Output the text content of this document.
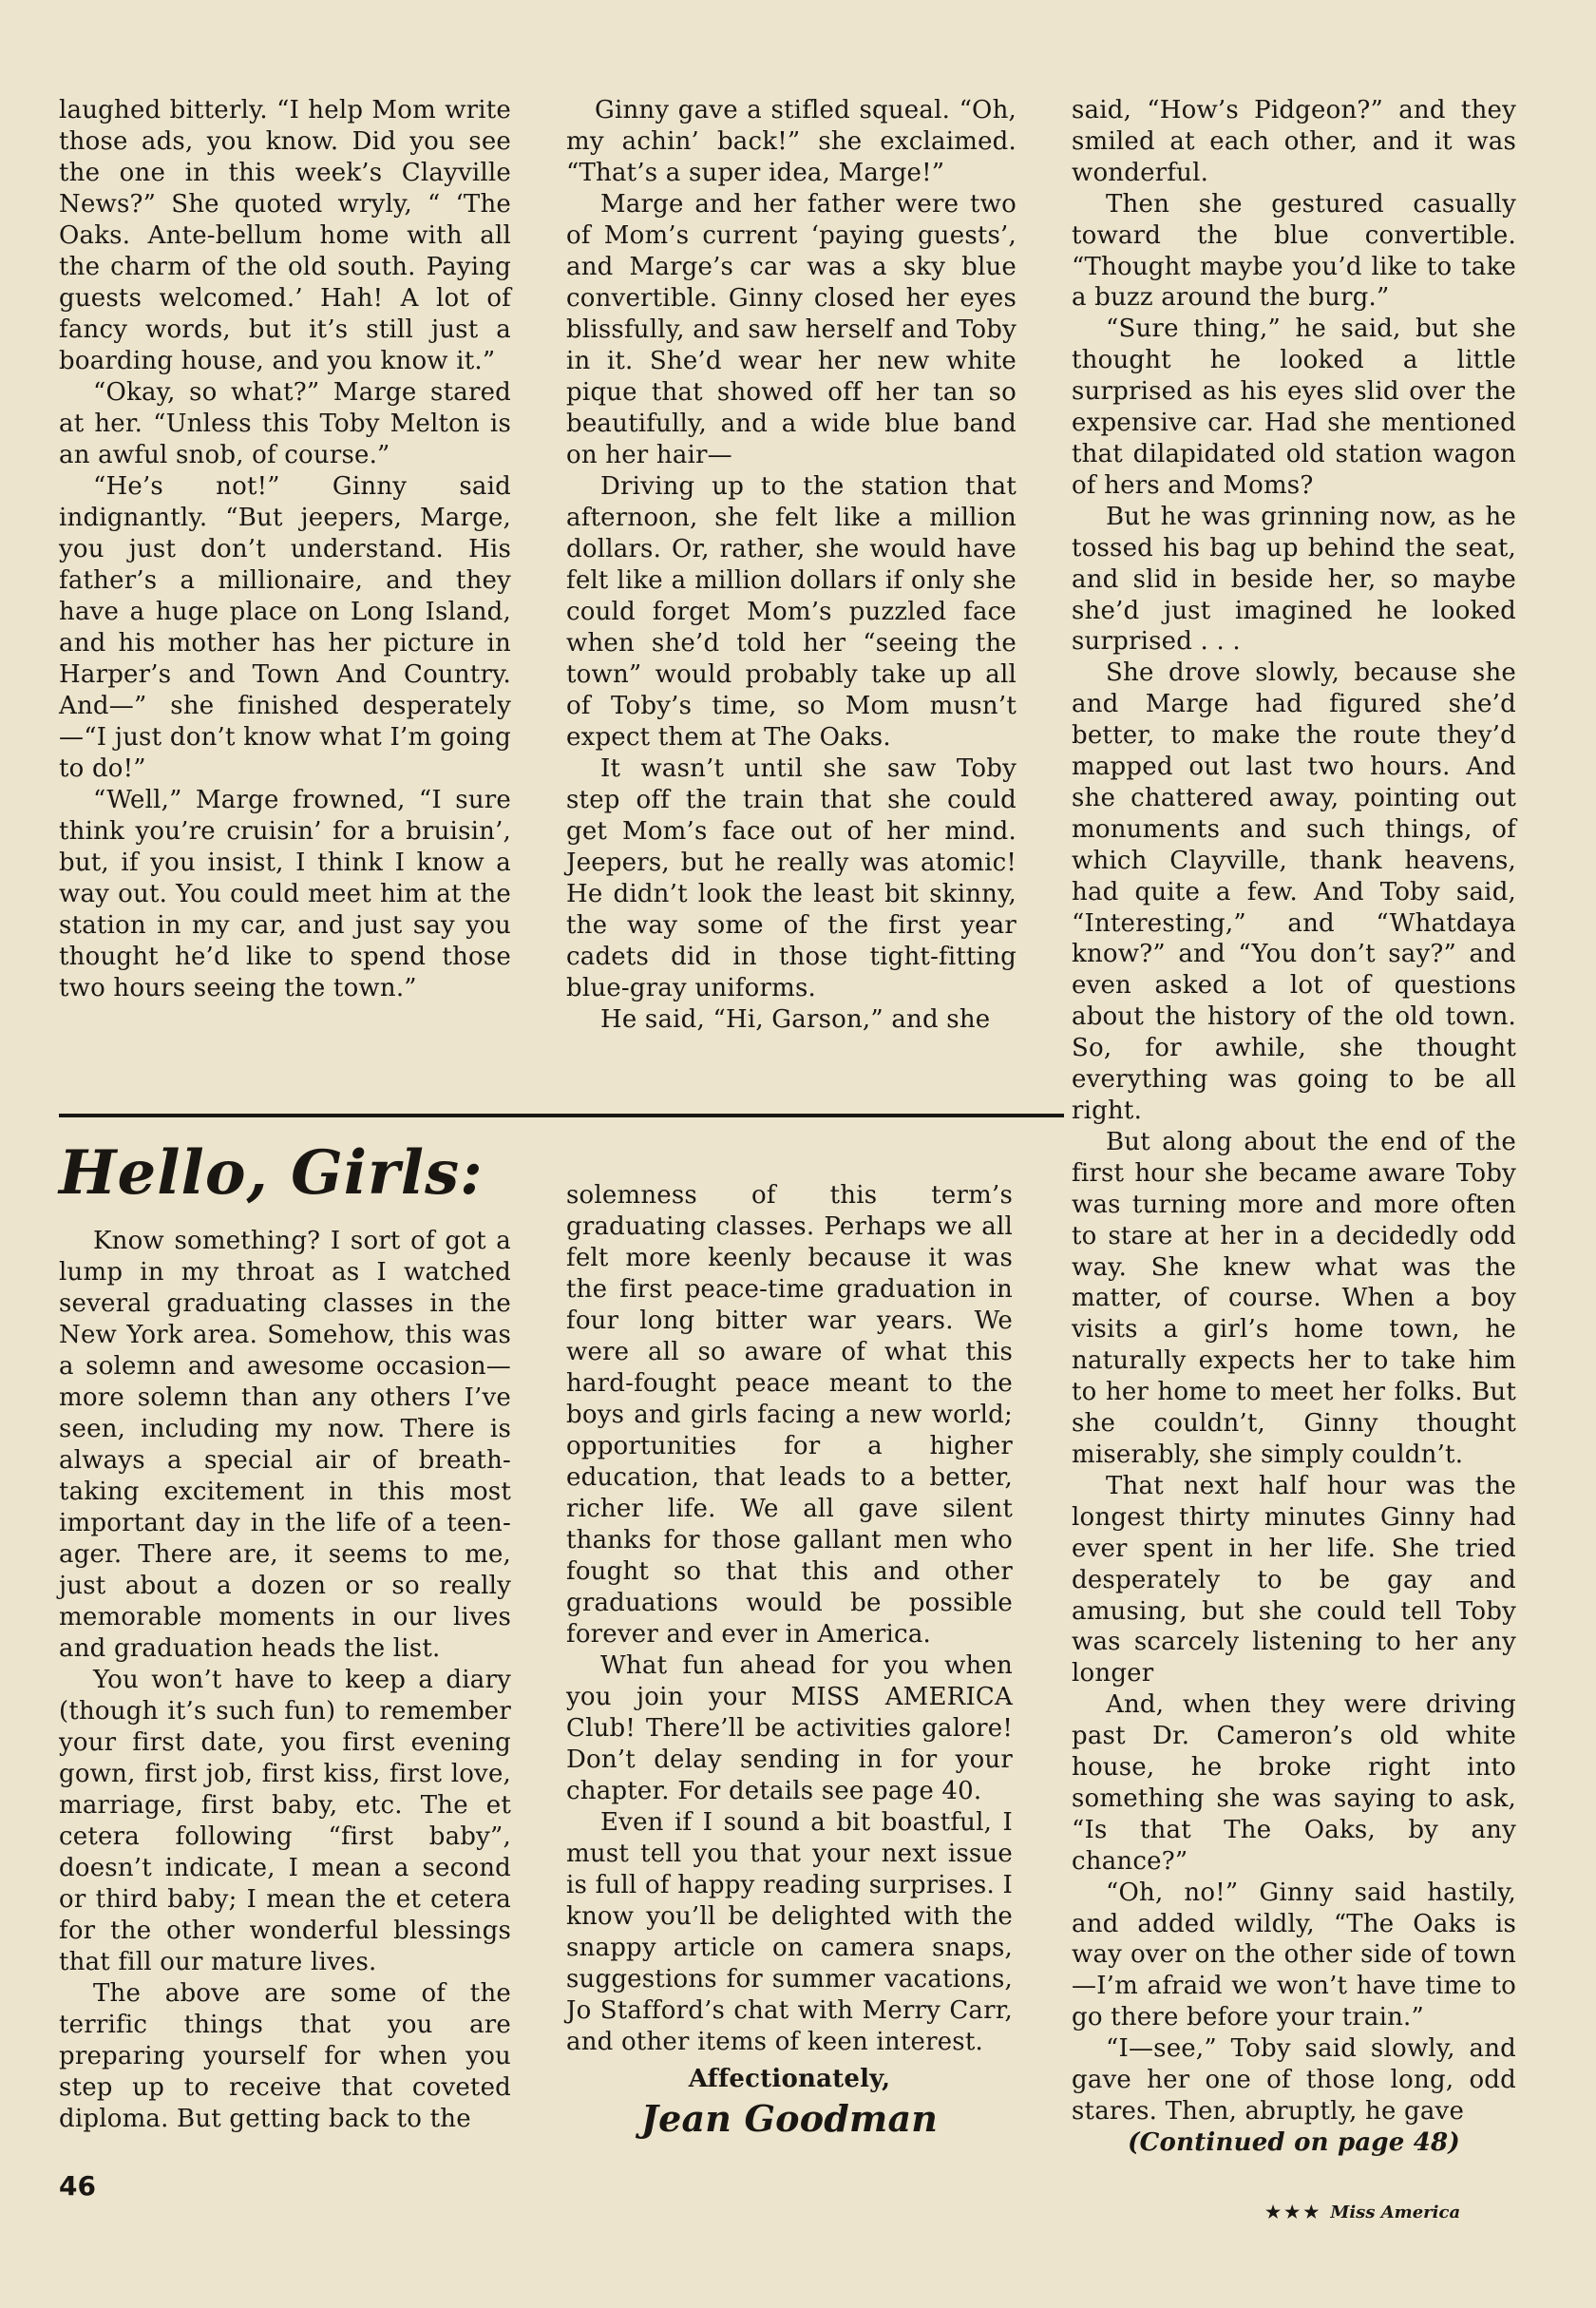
laughed bitterly. “I help Mom write those ads, you know. Did you see the one in this week’s Clayville News?” She quoted wryly, “ ‘The Oaks. Ante-bellum home with all the charm of the old south. Paying guests welcomed.’ Hah! A lot of fancy words, but it’s still just a boarding house, and you know it.”

“Okay, so what?” Marge stared at her. “Unless this Toby Melton is an awful snob, of course.”

“He’s not!” Ginny said indignantly. “But jeepers, Marge, you just don’t understand. His father’s a millionaire, and they have a huge place on Long Island, and his mother has her picture in Harper’s and Town And Country. And—” she finished desperately—“I just don’t know what I’m going to do!”

“Well,” Marge frowned, “I sure think you’re cruisin’ for a bruisin’, but, if you insist, I think I know a way out. You could meet him at the station in my car, and just say you thought he’d like to spend those two hours seeing the town.”

Ginny gave a stifled squeal. “Oh, my achin’ back!” she exclaimed. “That’s a super idea, Marge!”

Marge and her father were two of Mom’s current ‘paying guests’, and Marge’s car was a sky blue convertible. Ginny closed her eyes blissfully, and saw herself and Toby in it. She’d wear her new white pique that showed off her tan so beautifully, and a wide blue band on her hair—

Driving up to the station that afternoon, she felt like a million dollars. Or, rather, she would have felt like a million dollars if only she could forget Mom’s puzzled face when she’d told her “seeing the town” would probably take up all of Toby’s time, so Mom musn’t expect them at The Oaks.

It wasn’t until she saw Toby step off the train that she could get Mom’s face out of her mind. Jeepers, but he really was atomic! He didn’t look the least bit skinny, the way some of the first year cadets did in those tight-fitting blue-gray uniforms.

He said, “Hi, Garson,” and she

said, “How’s Pidgeon?” and they smiled at each other, and it was wonderful.

Then she gestured casually toward the blue convertible. “Thought maybe you’d like to take a buzz around the burg.”

“Sure thing,” he said, but she thought he looked a little surprised as his eyes slid over the expensive car. Had she mentioned that dilapidated old station wagon of hers and Moms?

But he was grinning now, as he tossed his bag up behind the seat, and slid in beside her, so maybe she’d just imagined he looked surprised . . .

She drove slowly, because she and Marge had figured she’d better, to make the route they’d mapped out last two hours. And she chattered away, pointing out monuments and such things, of which Clayville, thank heavens, had quite a few. And Toby said, “Interesting,” and “Whatdaya know?” and “You don’t say?” and even asked a lot of questions about the history of the old town. So, for awhile, she thought everything was going to be all right.

But along about the end of the first hour she became aware Toby was turning more and more often to stare at her in a decidedly odd way. She knew what was the matter, of course. When a boy visits a girl’s home town, he naturally expects her to take him to her home to meet her folks. But she couldn’t, Ginny thought miserably, she simply couldn’t.

That next half hour was the longest thirty minutes Ginny had ever spent in her life. She tried desperately to be gay and amusing, but she could tell Toby was scarcely listening to her any longer

And, when they were driving past Dr. Cameron’s old white house, he broke right into something she was saying to ask, “Is that The Oaks, by any chance?”

“Oh, no!” Ginny said hastily, and added wildly, “The Oaks is way over on the other side of town—I’m afraid we won’t have time to go there before your train.”

“I—see,” Toby said slowly, and gave her one of those long, odd stares. Then, abruptly, he gave

(Continued on page 48)

Hello, Girls:

Know something? I sort of got a lump in my throat as I watched several graduating classes in the New York area. Somehow, this was a solemn and awesome occasion—more solemn than any others I’ve seen, including my now. There is always a special air of breath-taking excitement in this most important day in the life of a teen-ager. There are, it seems to me, just about a dozen or so really memorable moments in our lives and graduation heads the list.

You won’t have to keep a diary (though it’s such fun) to remember your first date, you first evening gown, first job, first kiss, first love, marriage, first baby, etc. The et cetera following “first baby”, doesn’t indicate, I mean a second or third baby; I mean the et cetera for the other wonderful blessings that fill our mature lives.

The above are some of the terrific things that you are preparing yourself for when you step up to receive that coveted diploma. But getting back to the

solemness of this term’s graduating classes. Perhaps we all felt more keenly because it was the first peace-time graduation in four long bitter war years. We were all so aware of what this hard-fought peace meant to the boys and girls facing a new world; opportunities for a higher education, that leads to a better, richer life. We all gave silent thanks for those gallant men who fought so that this and other graduations would be possible forever and ever in America.

What fun ahead for you when you join your MISS AMERICA Club! There’ll be activities galore! Don’t delay sending in for your chapter. For details see page 40.

Even if I sound a bit boastful, I must tell you that your next issue is full of happy reading surprises. I know you’ll be delighted with the snappy article on camera snaps, suggestions for summer vacations, Jo Stafford’s chat with Merry Carr, and other items of keen interest.

Affectionately,

Jean Goodman
46
★★★ Miss America
